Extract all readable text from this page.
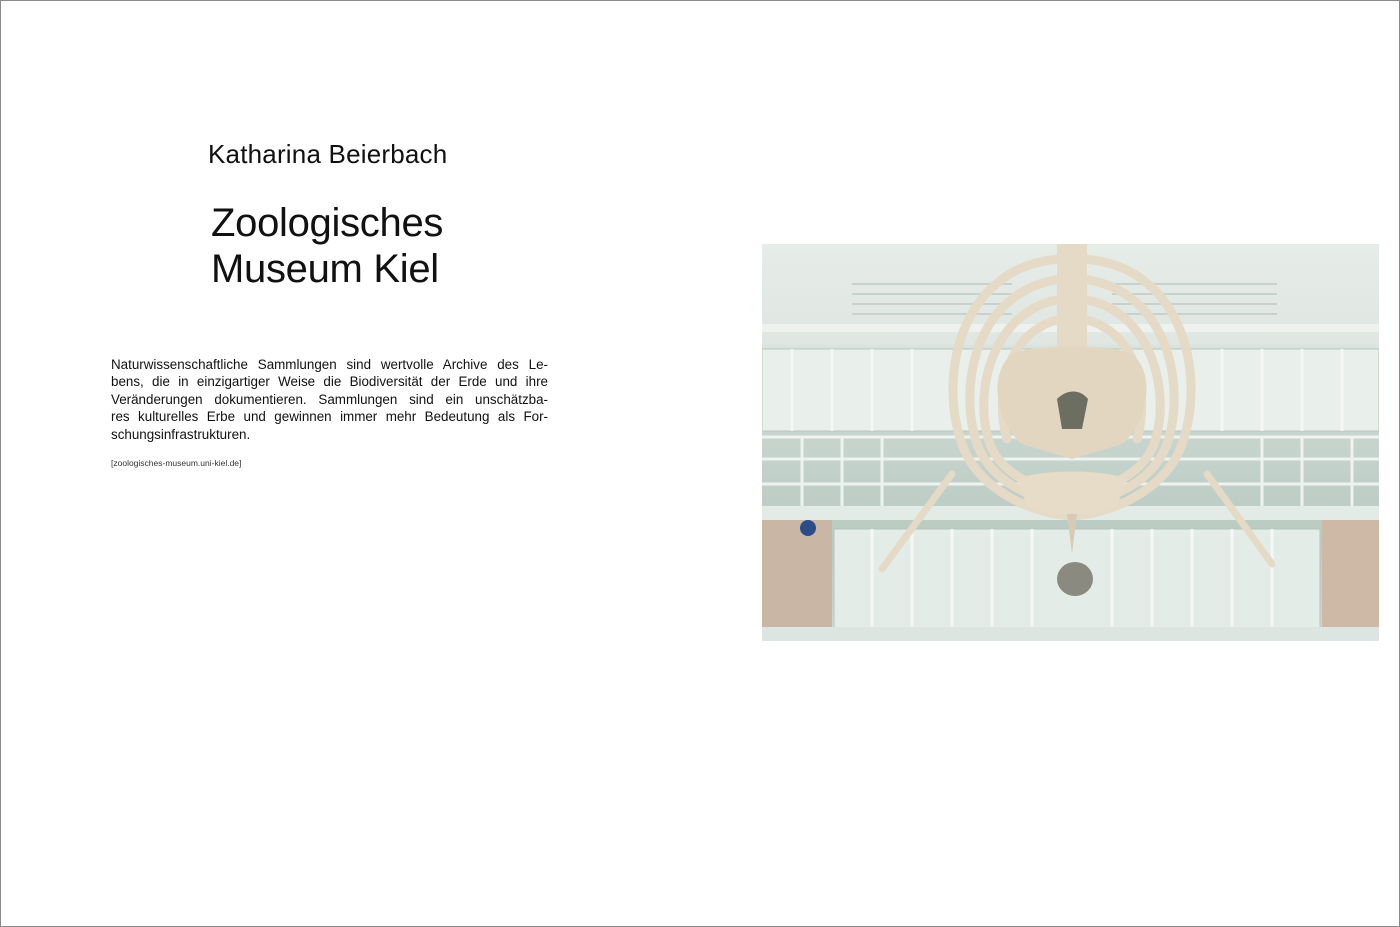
Katharina Beierbach
Zoologisches
Museum Kiel
Naturwissenschaftliche Sammlungen sind wertvolle Archive des Le-
bens, die in einzigartiger Weise die Biodiversität der Erde und ihre
Veränderungen dokumentieren. Sammlungen sind ein unschätzba-
res kulturelles Erbe und gewinnen immer mehr Bedeutung als For-
schungsinfrastrukturen.
[zoologisches-museum.uni-kiel.de]
